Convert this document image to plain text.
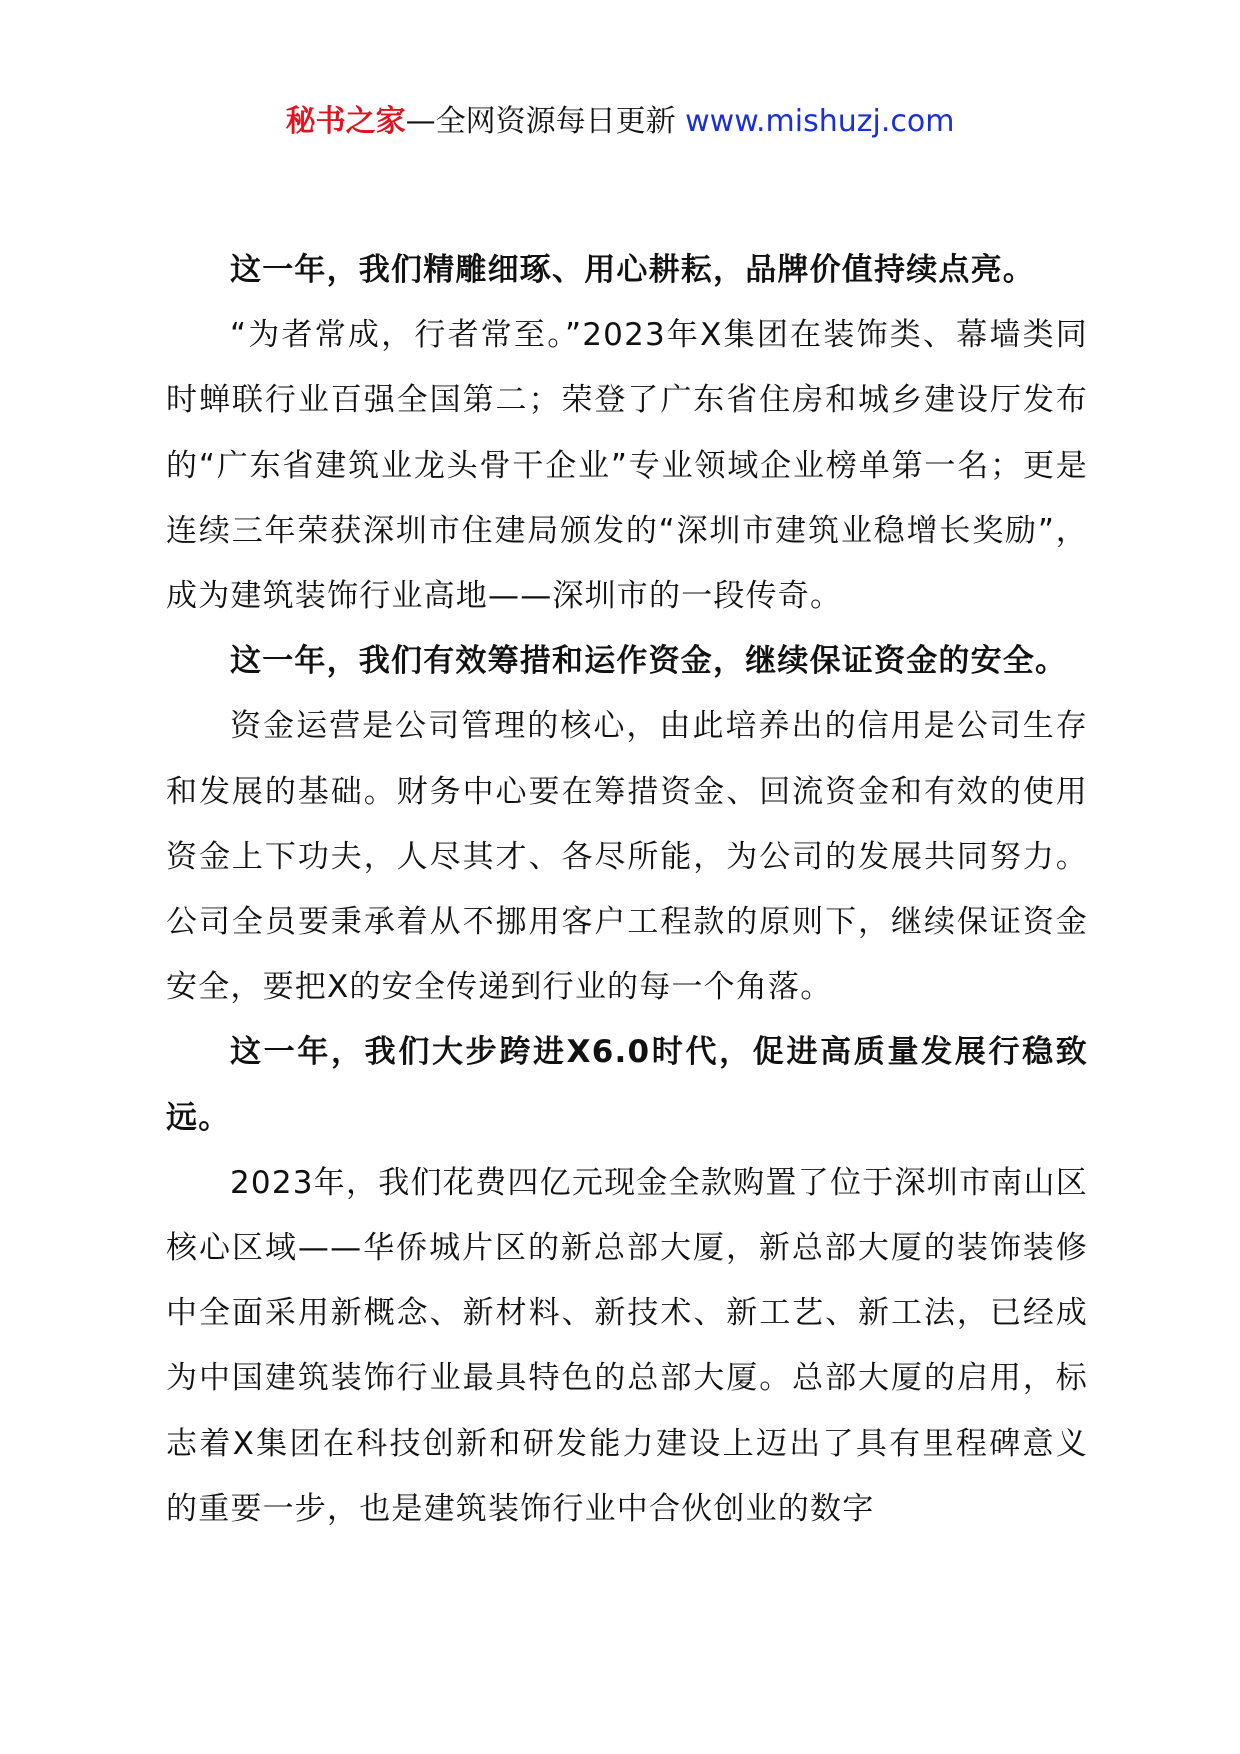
秘书之家—全网资源每日更新 www.mishuzj.com

这一年，我们精雕细琢、用心耕耘，品牌价值持续点亮。

“为者常成，行者常至。”2023年X集团在装饰类、幕墙类同时蝉联行业百强全国第二；荣登了广东省住房和城乡建设厅发布的“广东省建筑业龙头骨干企业”专业领域企业榜单第一名；更是连续三年荣获深圳市住建局颁发的“深圳市建筑业稳增长奖励”，成为建筑装饰行业高地——深圳市的一段传奇。

这一年，我们有效筹措和运作资金，继续保证资金的安全。

资金运营是公司管理的核心，由此培养出的信用是公司生存和发展的基础。财务中心要在筹措资金、回流资金和有效的使用资金上下功夫，人尽其才、各尽所能，为公司的发展共同努力。公司全员要秉承着从不挪用客户工程款的原则下，继续保证资金安全，要把X的安全传递到行业的每一个角落。

这一年，我们大步跨进X6.0时代，促进高质量发展行稳致远。

2023年，我们花费四亿元现金全款购置了位于深圳市南山区核心区域——华侨城片区的新总部大厦，新总部大厦的装饰装修中全面采用新概念、新材料、新技术、新工艺、新工法，已经成为中国建筑装饰行业最具特色的总部大厦。总部大厦的启用，标志着X集团在科技创新和研发能力建设上迈出了具有里程碑意义的重要一步，也是建筑装饰行业中合伙创业的数字
